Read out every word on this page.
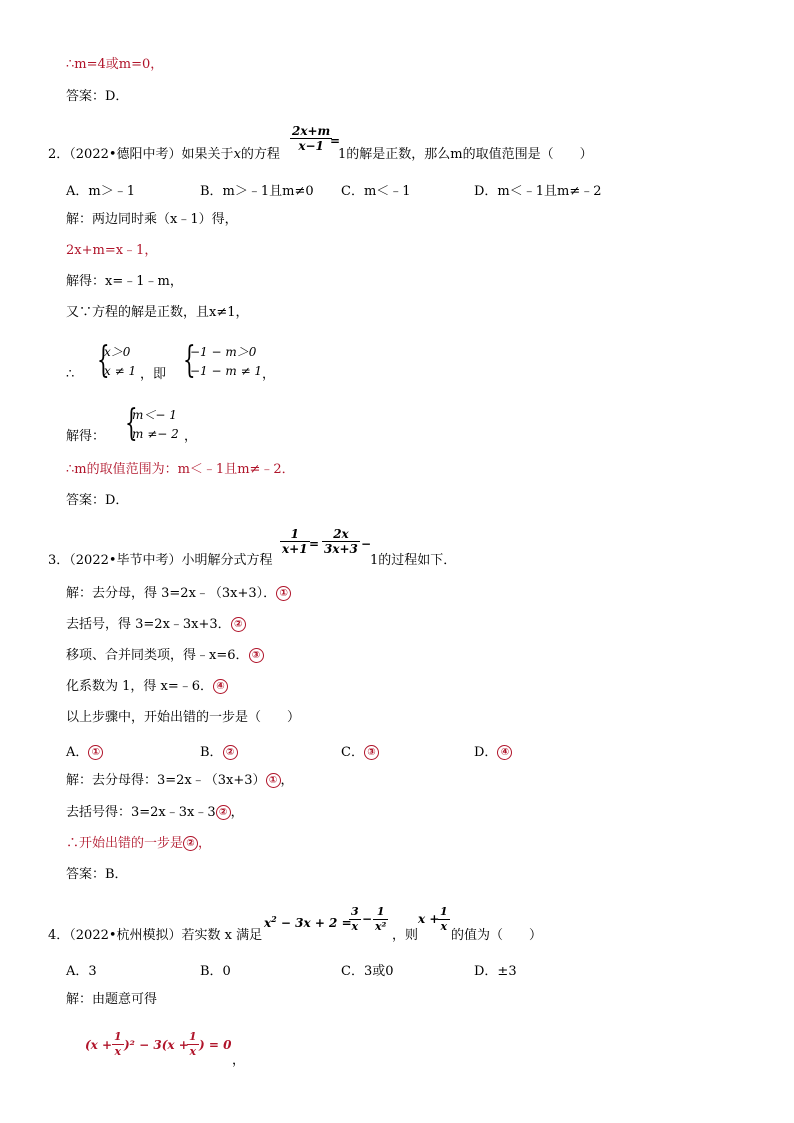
∴m=4或m=0，
答案：D．
2．（2022•德阳中考）如果关于x的方程
$\frac{2x+m}{x-1}$
=
1的解是正数，那么m的取值范围是（　　）
A．m＞﹣1	B．m＞﹣1且m≠0 C．m＜﹣1	D．m＜﹣1且m≠﹣2
解：两边同时乘（x﹣1）得，
2x+m=x﹣1，
解得：x=﹣1﹣m，
又∵方程的解是正数，且x≠1，
∴ {
x＞0
x ≠ 1 ，即 {
−1 − m＞0
−1 − m ≠ 1 ，
解得： {
m＜− 1
m ≠− 2 ，
∴m的取值范围为：m＜﹣1且m≠﹣2．
答案：D．
3．（2022•毕节中考）小明解分式方程
$\frac{1}{x+1} = \frac{2x}{3x+3}$ −
1的过程如下．
解：去分母，得 3=2x﹣（3x+3）． ①
去括号，得 3=2x﹣3x+3． ②
移项、合并同类项，得﹣x=6． ③
化系数为 1，得 x=﹣6． ④
以上步骤中，开始出错的一步是（　　）
A． ①	B． ②	C． ③	D． ④
解：去分母得：3=2x﹣（3x+3） ① ，
去括号得：3=2x﹣3x﹣3 ② ，
∴开始出错的一步是 ② ，
答案：B．
4．（2022•杭州模拟）若实数 x 满足
$x^2 - 3x + 2$ =
$\frac{3}{x} - \frac{1}{\text{x²}}$
，则
x +
$\frac{1}{x}$
的值为（　　）
A．3	B．0	C．3或0	D．±3
解：由题意可得
$(x + \frac{1}{x} )^2 - 3(x$ +
$\frac{1}{x}$ ) = 0
，
